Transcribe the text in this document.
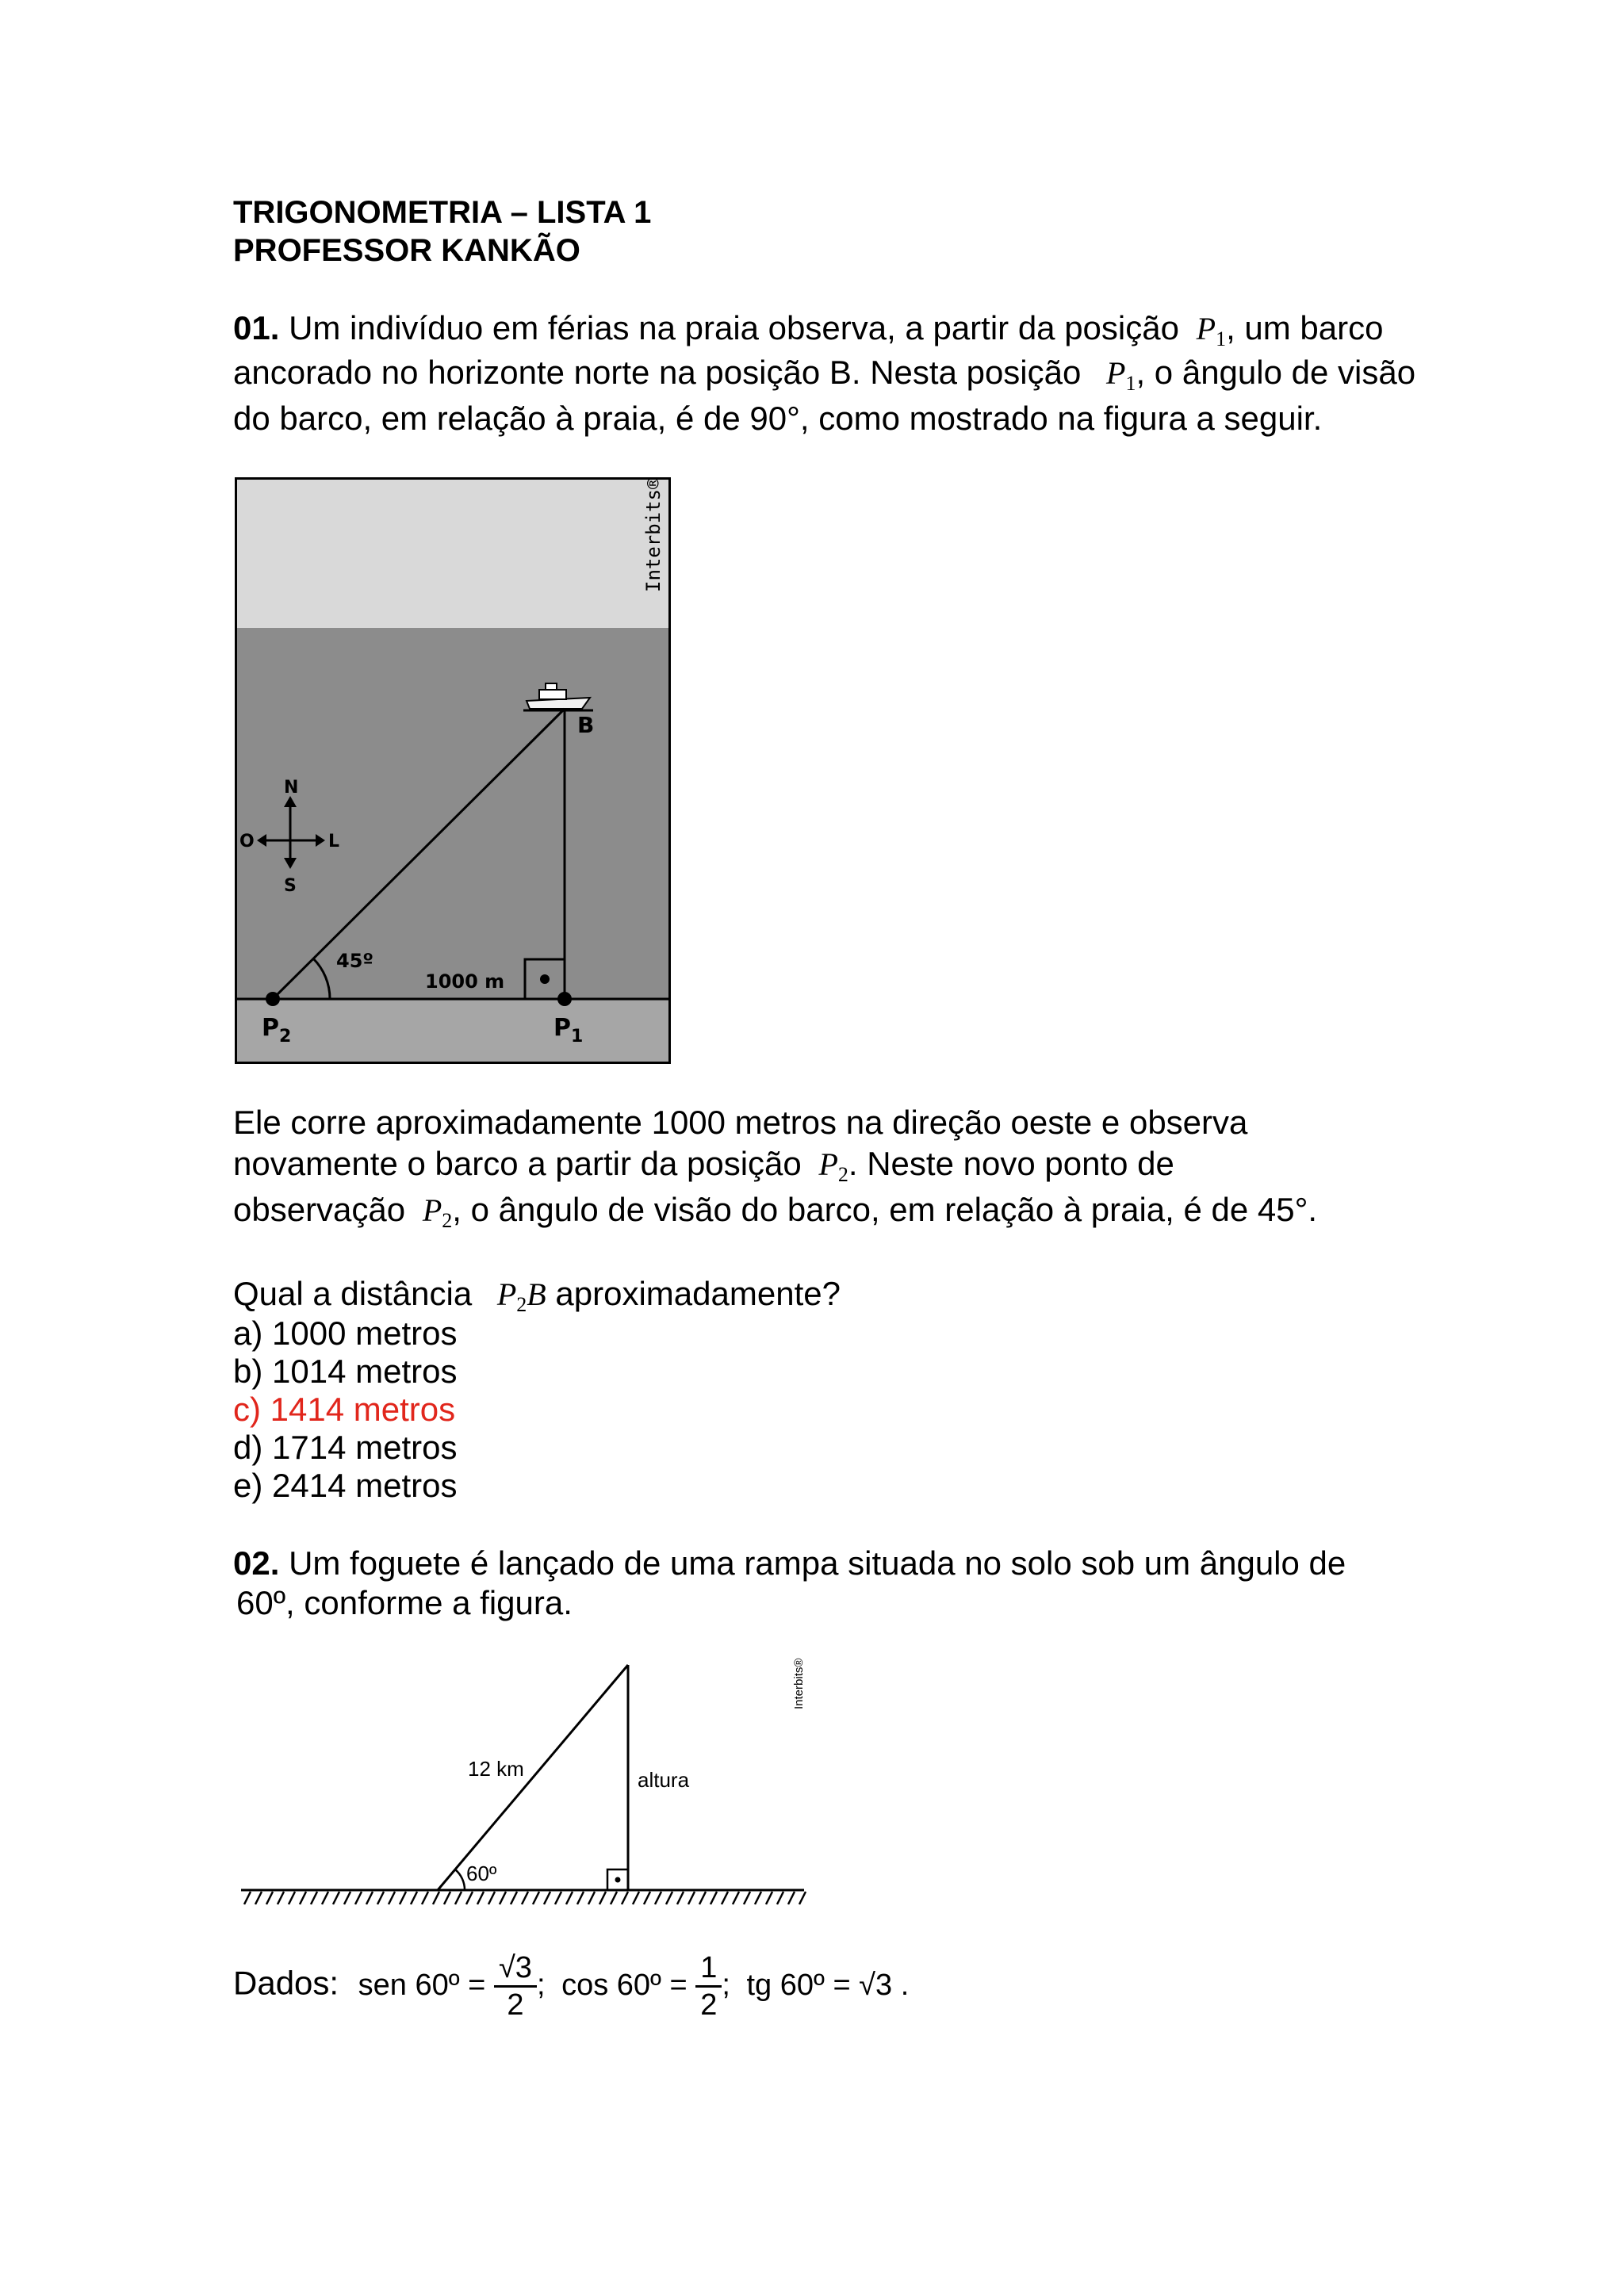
TRIGONOMETRIA – LISTA 1
PROFESSOR KANKÃO
01. Um indivíduo em férias na praia observa, a partir da posição $P_1$, um barco
ancorado no horizonte norte na posição B. Nesta posição $P_1$, o ângulo de visão
do barco, em relação à praia, é de 90°, como mostrado na figura a seguir.
Interbits®
B
45º
1000 m
$P_2$	$P_1$
N
S
O	L
Ele corre aproximadamente 1000 metros na direção oeste e observa
novamente o barco a partir da posição $P_2$. Neste novo ponto de
observação $P_2$, o ângulo de visão do barco, em relação à praia, é de 45°.
Qual a distância $P_2B$ aproximadamente?
a) 1000 metros
b) 1014 metros
c) 1414 metros
d) 1714 metros
e) 2414 metros
02. Um foguete é lançado de uma rampa situada no solo sob um ângulo de
60º, conforme a figura.
12 km	altura
60º
Interbits®
Dados: sen 60º = $\frac{√3}{2}$ ; cos 60º = $\frac{1}{2}$ ; tg 60º = √3 .
